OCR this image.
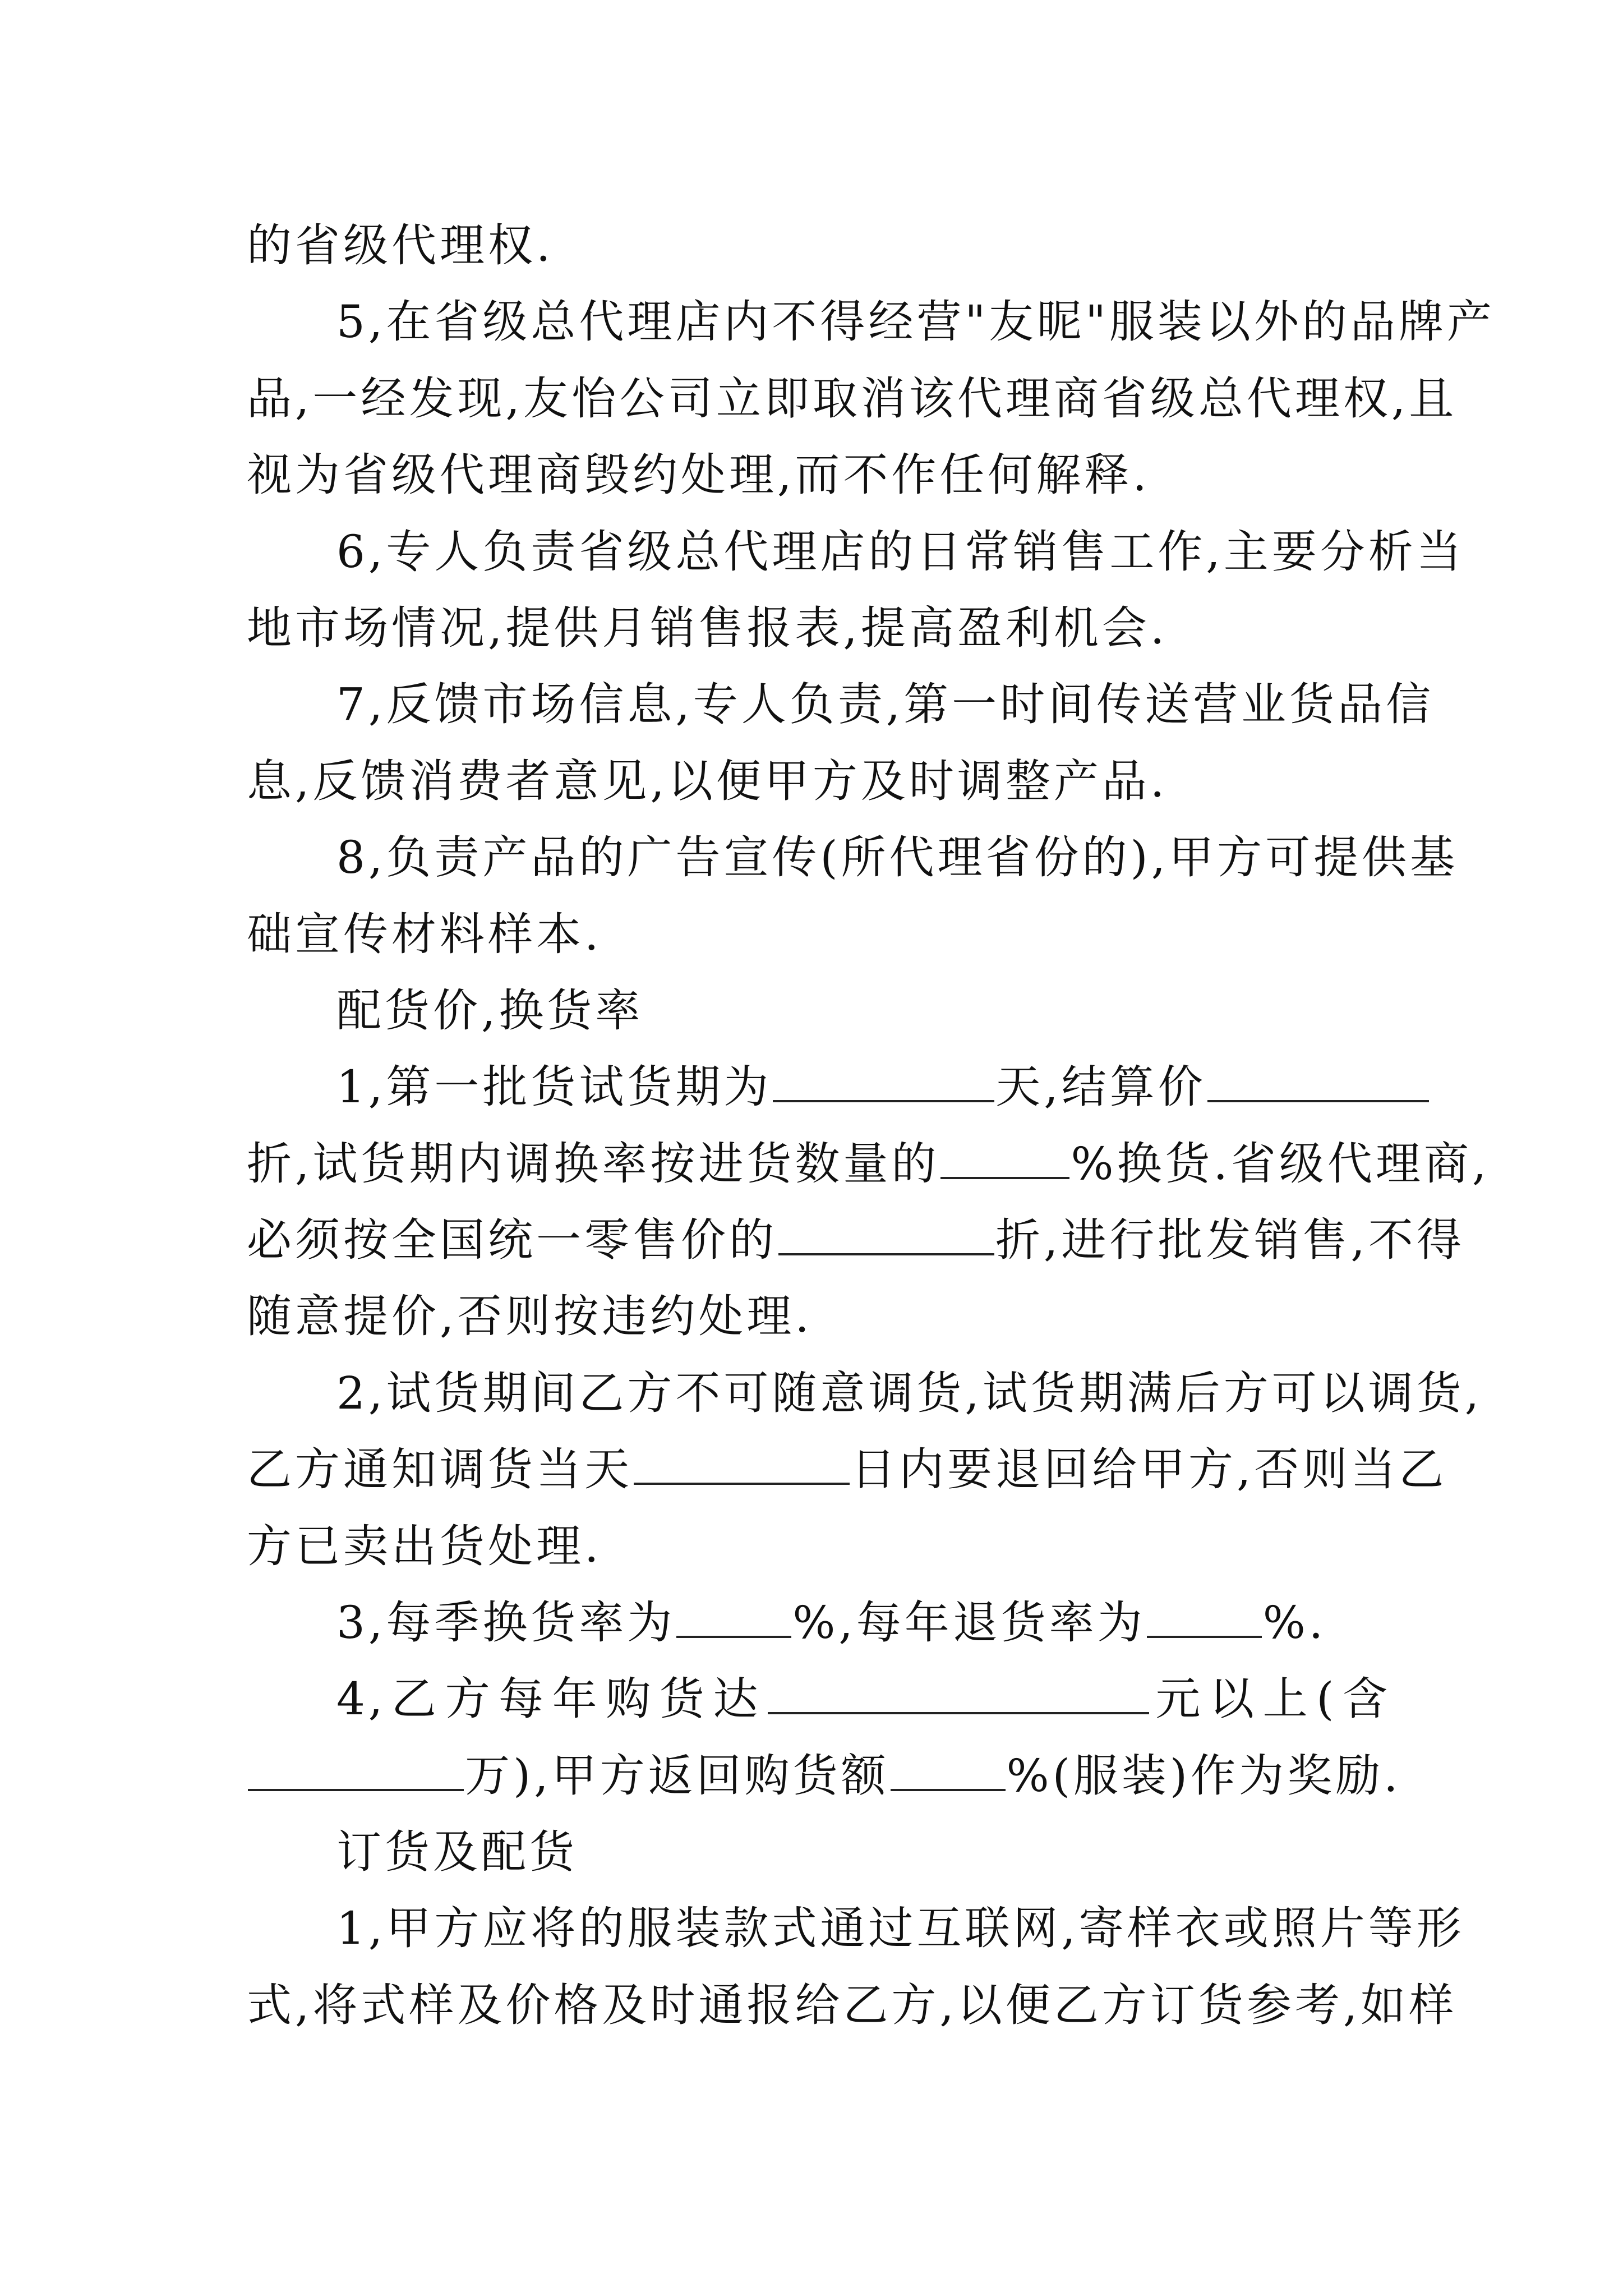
的省级代理权.
5,在省级总代理店内不得经营"友昵"服装以外的品牌产
品,一经发现,友怡公司立即取消该代理商省级总代理权,且
视为省级代理商毁约处理,而不作任何解释.
6,专人负责省级总代理店的日常销售工作,主要分析当
地市场情况,提供月销售报表,提高盈利机会.
7,反馈市场信息,专人负责,第一时间传送营业货品信
息,反馈消费者意见,以便甲方及时调整产品.
8,负责产品的广告宣传(所代理省份的),甲方可提供基
础宣传材料样本.
配货价,换货率
1,第一批货试货期为	天,结算价
折,试货期内调换率按进货数量的	%换货.省级代理商,
必须按全国统一零售价的	折,进行批发销售,不得
随意提价,否则按违约处理.
2,试货期间乙方不可随意调货,试货期满后方可以调货,
乙方通知调货当天	日内要退回给甲方,否则当乙
方已卖出货处理.
3,每季换货率为	%,每年退货率为	%.
4,乙方每年购货达	元以上(含
万),甲方返回购货额	%(服装)作为奖励.
订货及配货
1,甲方应将的服装款式通过互联网,寄样衣或照片等形
式,将式样及价格及时通报给乙方,以便乙方订货参考,如样
